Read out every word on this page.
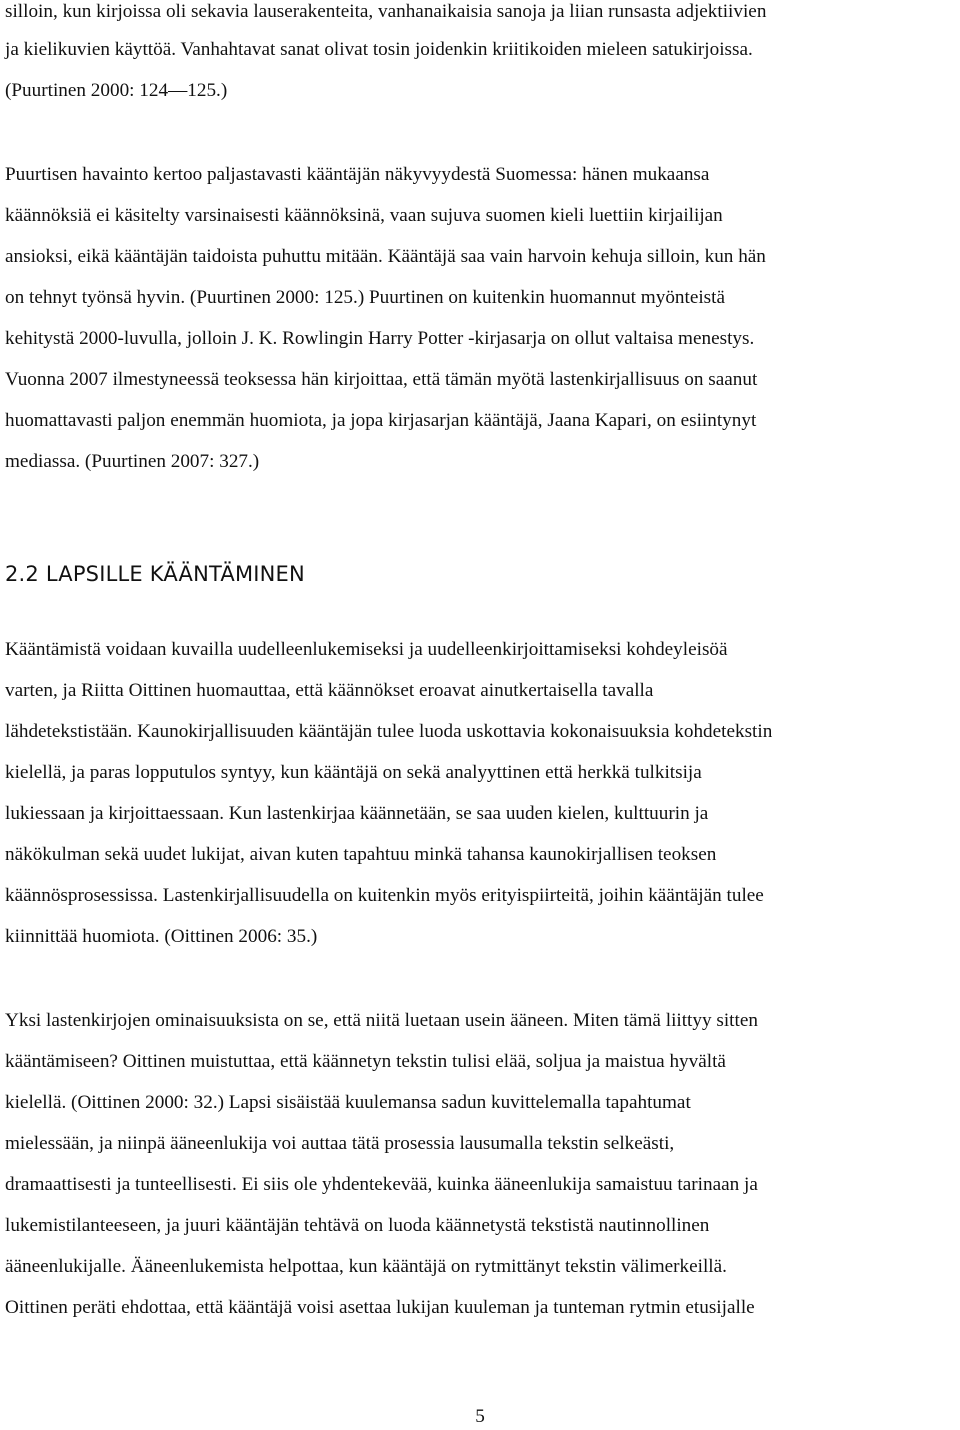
silloin, kun kirjoissa oli sekavia lauserakenteita, vanhanaikaisia sanoja ja liian runsasta adjektiivien
ja kielikuvien käyttöä. Vanhahtavat sanat olivat tosin joidenkin kriitikoiden mieleen satukirjoissa.
(Puurtinen 2000: 124—125.)
Puurtisen havainto kertoo paljastavasti kääntäjän näkyvyydestä Suomessa: hänen mukaansa
käännöksiä ei käsitelty varsinaisesti käännöksinä, vaan sujuva suomen kieli luettiin kirjailijan
ansioksi, eikä kääntäjän taidoista puhuttu mitään. Kääntäjä saa vain harvoin kehuja silloin, kun hän
on tehnyt työnsä hyvin. (Puurtinen 2000: 125.) Puurtinen on kuitenkin huomannut myönteistä
kehitystä 2000-luvulla, jolloin J. K. Rowlingin Harry Potter -kirjasarja on ollut valtaisa menestys.
Vuonna 2007 ilmestyneessä teoksessa hän kirjoittaa, että tämän myötä lastenkirjallisuus on saanut
huomattavasti paljon enemmän huomiota, ja jopa kirjasarjan kääntäjä, Jaana Kapari, on esiintynyt
mediassa. (Puurtinen 2007: 327.)
2.2 LAPSILLE KÄÄNTÄMINEN
Kääntämistä voidaan kuvailla uudelleenlukemiseksi ja uudelleenkirjoittamiseksi kohdeyleisöä
varten, ja Riitta Oittinen huomauttaa, että käännökset eroavat ainutkertaisella tavalla
lähdetekstistään. Kaunokirjallisuuden kääntäjän tulee luoda uskottavia kokonaisuuksia kohdetekstin
kielellä, ja paras lopputulos syntyy, kun kääntäjä on sekä analyyttinen että herkkä tulkitsija
lukiessaan ja kirjoittaessaan. Kun lastenkirjaa käännetään, se saa uuden kielen, kulttuurin ja
näkökulman sekä uudet lukijat, aivan kuten tapahtuu minkä tahansa kaunokirjallisen teoksen
käännösprosessissa. Lastenkirjallisuudella on kuitenkin myös erityispiirteitä, joihin kääntäjän tulee
kiinnittää huomiota. (Oittinen 2006: 35.)
Yksi lastenkirjojen ominaisuuksista on se, että niitä luetaan usein ääneen. Miten tämä liittyy sitten
kääntämiseen? Oittinen muistuttaa, että käännetyn tekstin tulisi elää, soljua ja maistua hyvältä
kielellä. (Oittinen 2000: 32.) Lapsi sisäistää kuulemansa sadun kuvittelemalla tapahtumat
mielessään, ja niinpä ääneenlukija voi auttaa tätä prosessia lausumalla tekstin selkeästi,
dramaattisesti ja tunteellisesti. Ei siis ole yhdentekevää, kuinka ääneenlukija samaistuu tarinaan ja
lukemistilanteeseen, ja juuri kääntäjän tehtävä on luoda käännetystä tekstistä nautinnollinen
ääneenlukijalle. Ääneenlukemista helpottaa, kun kääntäjä on rytmittänyt tekstin välimerkeillä.
Oittinen peräti ehdottaa, että kääntäjä voisi asettaa lukijan kuuleman ja tunteman rytmin etusijalle
5
